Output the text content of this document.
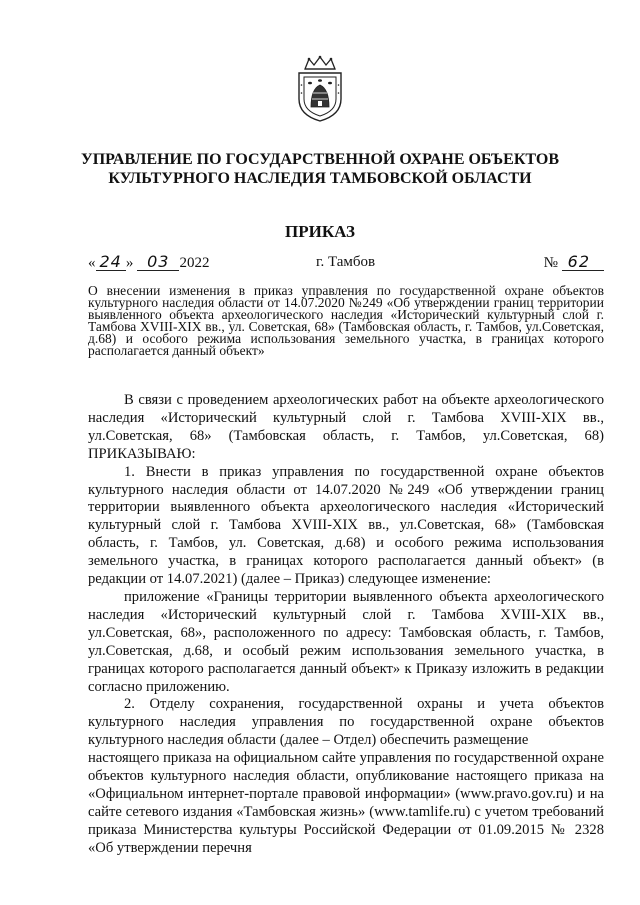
УПРАВЛЕНИЕ ПО ГОСУДАРСТВЕННОЙ ОХРАНЕ ОБЪЕКТОВ
КУЛЬТУРНОГО НАСЛЕДИЯ ТАМБОВСКОЙ ОБЛАСТИ
ПРИКАЗ
« 24 » 03 2022	г. Тамбов	№ 62
О внесении изменения в приказ управления по государственной охране объектов культурного наследия области от 14.07.2020 №249 «Об утверждении границ территории выявленного объекта археологического наследия «Исторический культурный слой г. Тамбова XVIII-XIX вв., ул. Советская, 68» (Тамбовская область, г. Тамбов, ул.Советская, д.68) и особого режима использования земельного участка, в границах которого располагается данный объект»

В связи с проведением археологических работ на объекте археологического наследия «Исторический культурный слой г. Тамбова XVIII-XIX вв., ул.Советская, 68» (Тамбовская область, г. Тамбов, ул.Советская, 68) ПРИКАЗЫВАЮ:

1. Внести в приказ управления по государственной охране объектов культурного наследия области от 14.07.2020 №249 «Об утверждении границ территории выявленного объекта археологического наследия «Исторический культурный слой г. Тамбова XVIII-XIX вв., ул.Советская, 68» (Тамбовская область, г. Тамбов, ул. Советская, д.68) и особого режима использования земельного участка, в границах которого располагается данный объект» (в редакции от 14.07.2021) (далее – Приказ) следующее изменение:

приложение «Границы территории выявленного объекта археологического наследия «Исторический культурный слой г. Тамбова XVIII-XIX вв., ул.Советская, 68», расположенного по адресу: Тамбовская область, г. Тамбов, ул.Советская, д.68, и особый режим использования земельного участка, в границах которого располагается данный объект» к Приказу изложить в редакции согласно приложению.

2. Отделу сохранения, государственной охраны и учета объектов культурного наследия управления по государственной охране объектов культурного наследия области (далее – Отдел) обеспечить размещение

настоящего приказа на официальном сайте управления по государственной охране объектов культурного наследия области, опубликование настоящего приказа на «Официальном интернет-портале правовой информации» (www.pravo.gov.ru) и на сайте сетевого издания «Тамбовская жизнь» (www.tamlife.ru) с учетом требований приказа Министерства культуры Российской Федерации от 01.09.2015 № 2328 «Об утверждении перечня
